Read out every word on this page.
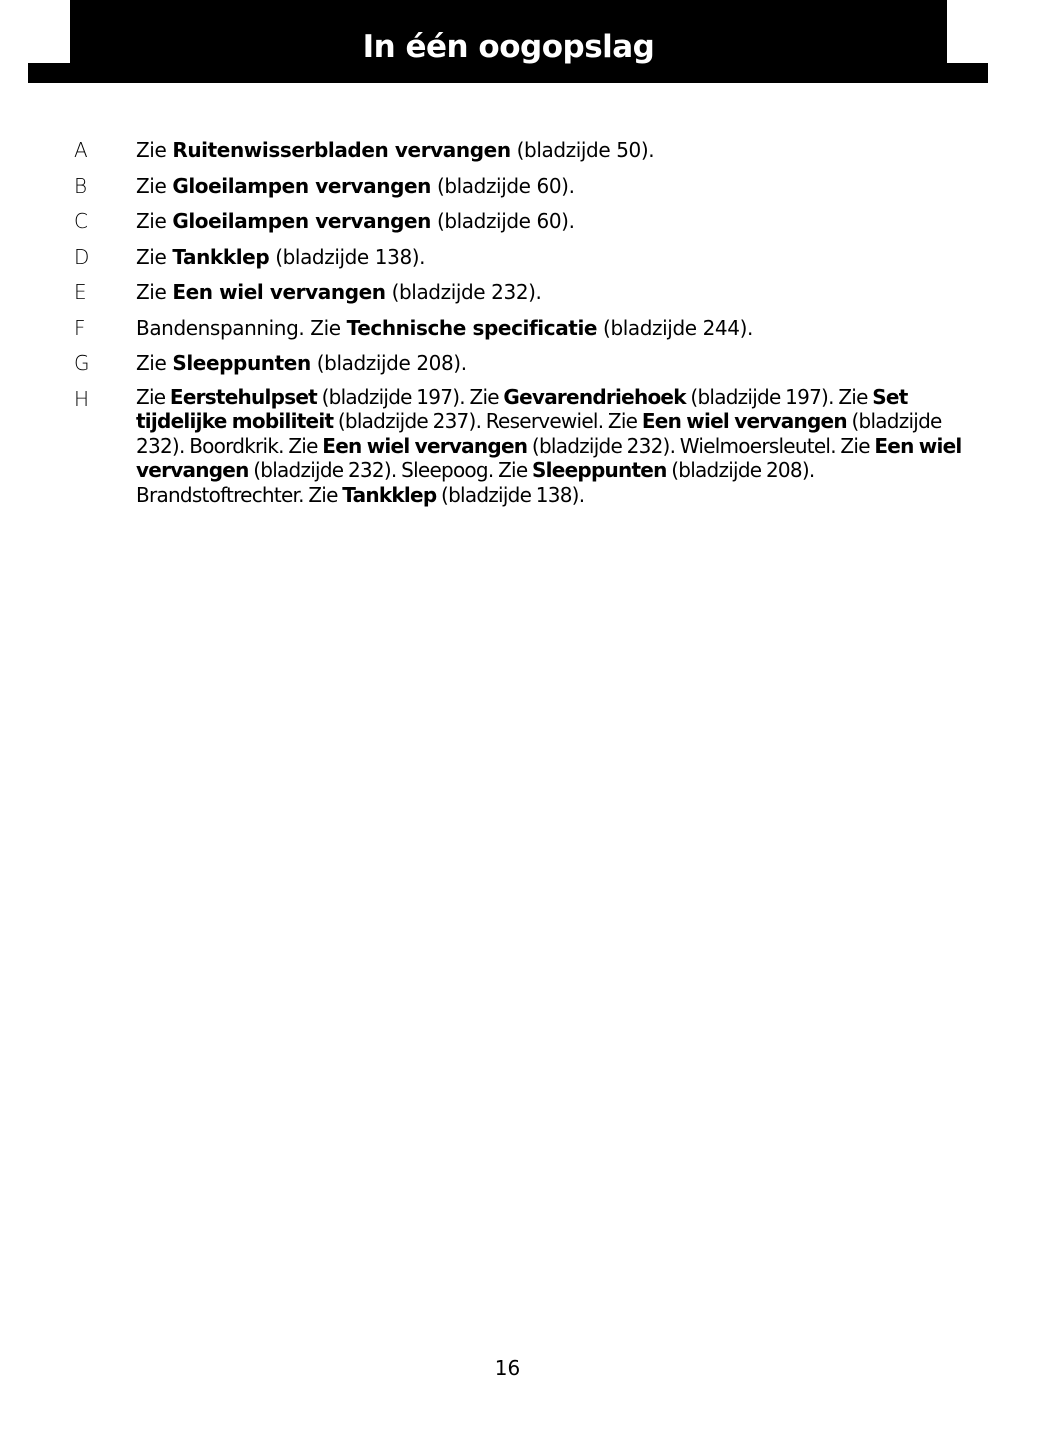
In één oogopslag
A	Zie Ruitenwisserbladen vervangen (bladzijde 50).
B	Zie Gloeilampen vervangen (bladzijde 60).
C	Zie Gloeilampen vervangen (bladzijde 60).
D	Zie Tankklep (bladzijde 138).
E	Zie Een wiel vervangen (bladzijde 232).
F	Bandenspanning. Zie Technische specificatie (bladzijde 244).
G	Zie Sleeppunten (bladzijde 208).
H	Zie Eerstehulpset (bladzijde 197). Zie Gevarendriehoek (bladzijde 197). Zie Set tijdelijke mobiliteit (bladzijde 237). Reservewiel. Zie Een wiel vervangen (bladzijde 232). Boordkrik. Zie Een wiel vervangen (bladzijde 232). Wielmoersleutel. Zie Een wiel vervangen (bladzijde 232). Sleepoog. Zie Sleeppunten (bladzijde 208). Brandstoftrechter. Zie Tankklep (bladzijde 138).
16
